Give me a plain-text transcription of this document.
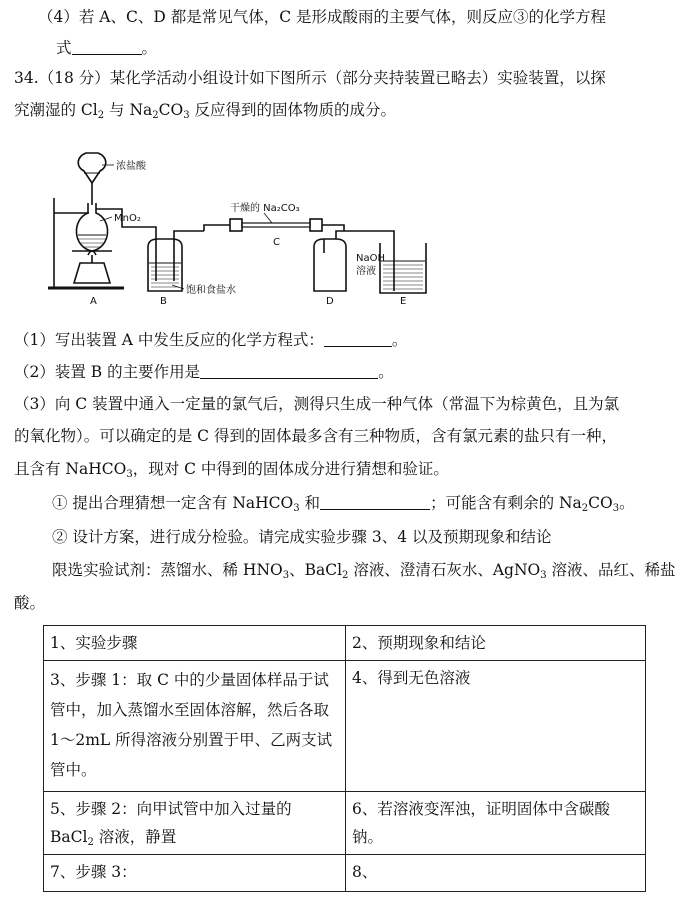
（4）若 A、C、D 都是常见气体，C 是形成酸雨的主要气体，则反应③的化学方程
式	。
34.（18 分）某化学活动小组设计如下图所示（部分夹持装置已略去）实验装置，以探
究潮湿的 $Cl_2$ 与 $Na_2CO_3$ 反应得到的固体物质的成分。
浓盐酸
MnO₂
干燥的 Na₂CO₃
C
NaOH
溶液
饱和食盐水
A	B	D	E
（1）写出装置 A 中发生反应的化学方程式：	。
（2）装置 B 的主要作用是	。
（3）向 C 装置中通入一定量的氯气后，测得只生成一种气体（常温下为棕黄色，且为氯
的氧化物）。可以确定的是 C 得到的固体最多含有三种物质，含有氯元素的盐只有一种，
且含有 NaHCO$_3$，现对 C 中得到的固体成分进行猜想和验证。
① 提出合理猜想一定含有 NaHCO$_3$ 和	；可能含有剩余的 $Na_2CO_3$。
② 设计方案，进行成分检验。请完成实验步骤 3、4 以及预期现象和结论
限选实验试剂：蒸馏水、稀 $HNO_3$、BaCl$_2$ 溶液、澄清石灰水、AgNO$_3$ 溶液、品红、稀盐
酸。
1、实验步骤	2、预期现象和结论
3、步骤 1：取 C 中的少量固体样品于试管中，加入蒸馏水至固体溶解，然后各取 1～2mL 所得溶液分别置于甲、乙两支试管中。	4、得到无色溶液
5、步骤 2：向甲试管中加入过量的 BaCl$_2$ 溶液，静置	6、若溶液变浑浊，证明固体中含碳酸钠。
7、步骤 3：	8、
